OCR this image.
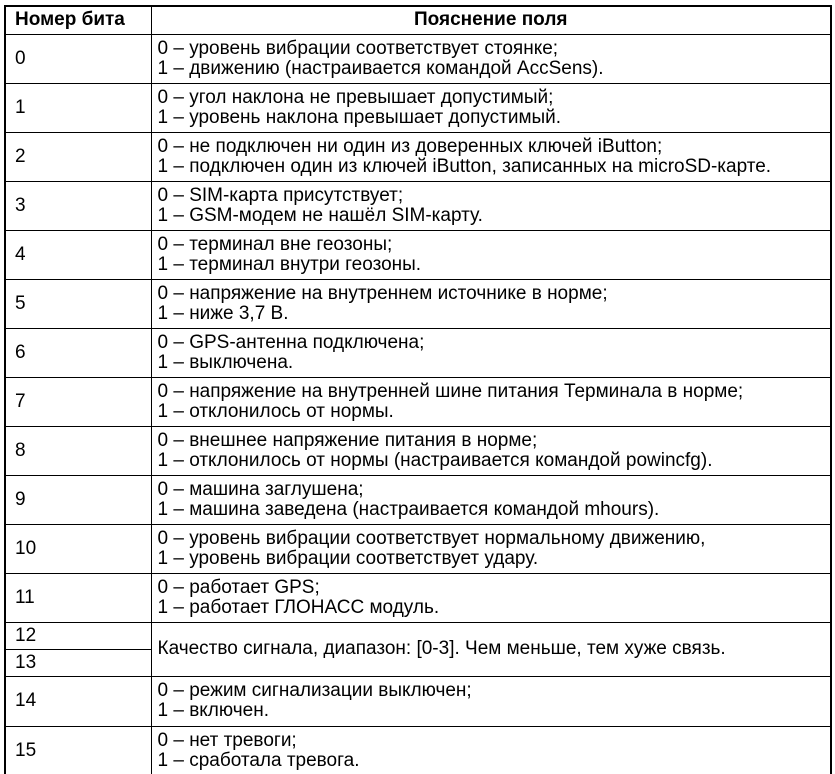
Номер бита	Пояснение поля
0	0 – уровень вибрации соответствует стоянке;
1 – движению (настраивается командой AccSens).

1	0 – угол наклона не превышает допустимый;
1 – уровень наклона превышает допустимый.

2	0 – не подключен ни один из доверенных ключей iButton;
1 – подключен один из ключей iButton, записанных на microSD-карте.

3	0 – SIM-карта присутствует;
1 – GSM-модем не нашёл SIM-карту.

4	0 – терминал вне геозоны;
1 – терминал внутри геозоны.

5	0 – напряжение на внутреннем источнике в норме;
1 – ниже 3,7 В.

6	0 – GPS-антенна подключена;
1 – выключена.

7	0 – напряжение на внутренней шине питания Терминала в норме;
1 – отклонилось от нормы.

8	0 – внешнее напряжение питания в норме;
1 – отклонилось от нормы (настраивается командой powincfg).

9	0 – машина заглушена;
1 – машина заведена (настраивается командой mhours).

10	0 – уровень вибрации соответствует нормальному движению,
1 – уровень вибрации соответствует удару.

11	0 – работает GPS;
1 – работает ГЛОНАСС модуль.

12	Качество сигнала, диапазон: [0-3]. Чем меньше, тем хуже связь.
13	
14	0 – режим сигнализации выключен;
1 – включен.

15	0 – нет тревоги;
1 – сработала тревога.
